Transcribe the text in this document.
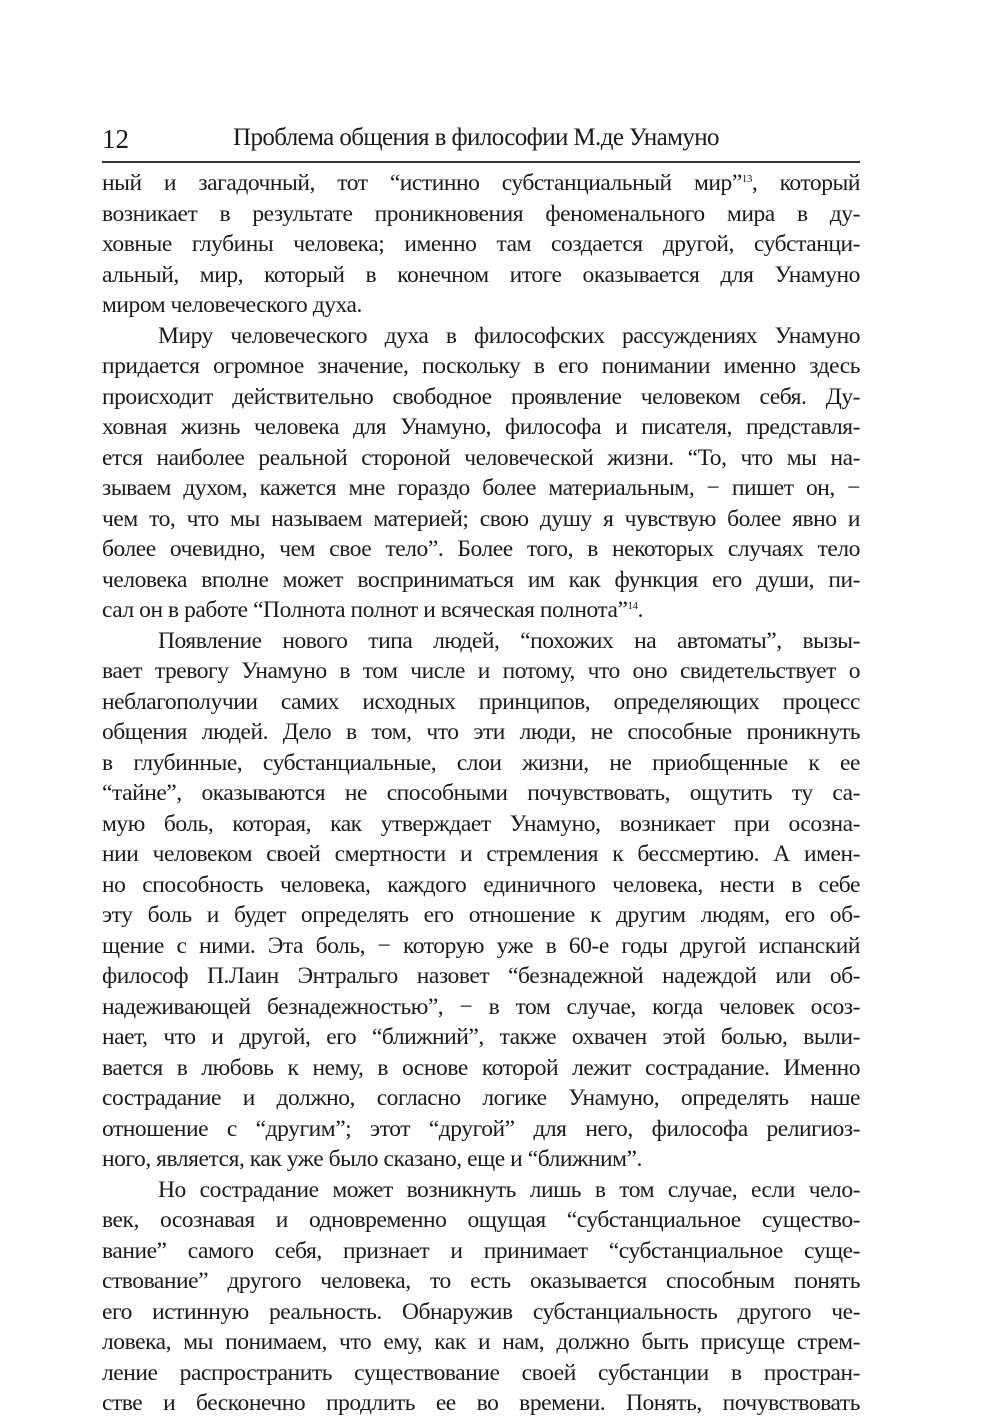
12	Проблема общения в философии М.де Унамуно
ный и загадочный, тот “истинно субстанциальный мир”$^{13}$, который
возникает в результате проникновения феноменального мира в ду-
ховные глубины человека; именно там создается другой, субстанци-
альный, мир, который в конечном итоге оказывается для Унамуно
миром человеческого духа.
Миру человеческого духа в философских рассуждениях Унамуно
придается огромное значение, поскольку в его понимании именно здесь
происходит действительно свободное проявление человеком себя. Ду-
ховная жизнь человека для Унамуно, философа и писателя, представля-
ется наиболее реальной стороной человеческой жизни. “То, что мы на-
зываем духом, кажется мне гораздо более материальным, − пишет он, −
чем то, что мы называем материей; свою душу я чувствую более явно и
более очевидно, чем свое тело”. Более того, в некоторых случаях тело
человека вполне может восприниматься им как функция его души, пи-
сал он в работе “Полнота полнот и всяческая полнота”$^{14}$.
Появление нового типа людей, “похожих на автоматы”, вызы-
вает тревогу Унамуно в том числе и потому, что оно свидетельствует о
неблагополучии самих исходных принципов, определяющих процесс
общения людей. Дело в том, что эти люди, не способные проникнуть
в глубинные, субстанциальные, слои жизни, не приобщенные к ее
“тайне”, оказываются не способными почувствовать, ощутить ту са-
мую боль, которая, как утверждает Унамуно, возникает при осозна-
нии человеком своей смертности и стремления к бессмертию. А имен-
но способность человека, каждого единичного человека, нести в себе
эту боль и будет определять его отношение к другим людям, его об-
щение с ними. Эта боль, − которую уже в 60-е годы другой испанский
философ П.Лаин Энтральго назовет “безнадежной надеждой или об-
надеживающей безнадежностью”, − в том случае, когда человек осоз-
нает, что и другой, его “ближний”, также охвачен этой болью, выли-
вается в любовь к нему, в основе которой лежит сострадание. Именно
сострадание и должно, согласно логике Унамуно, определять наше
отношение с “другим”; этот “другой” для него, философа религиоз-
ного, является, как уже было сказано, еще и “ближним”.
Но сострадание может возникнуть лишь в том случае, если чело-
век, осознавая и одновременно ощущая “субстанциальное существо-
вание” самого себя, признает и принимает “субстанциальное суще-
ствование” другого человека, то есть оказывается способным понять
его истинную реальность. Обнаружив субстанциальность другого че-
ловека, мы понимаем, что ему, как и нам, должно быть присуще стрем-
ление распространить существование своей субстанции в простран-
стве и бесконечно продлить ее во времени. Понять, почувствовать
